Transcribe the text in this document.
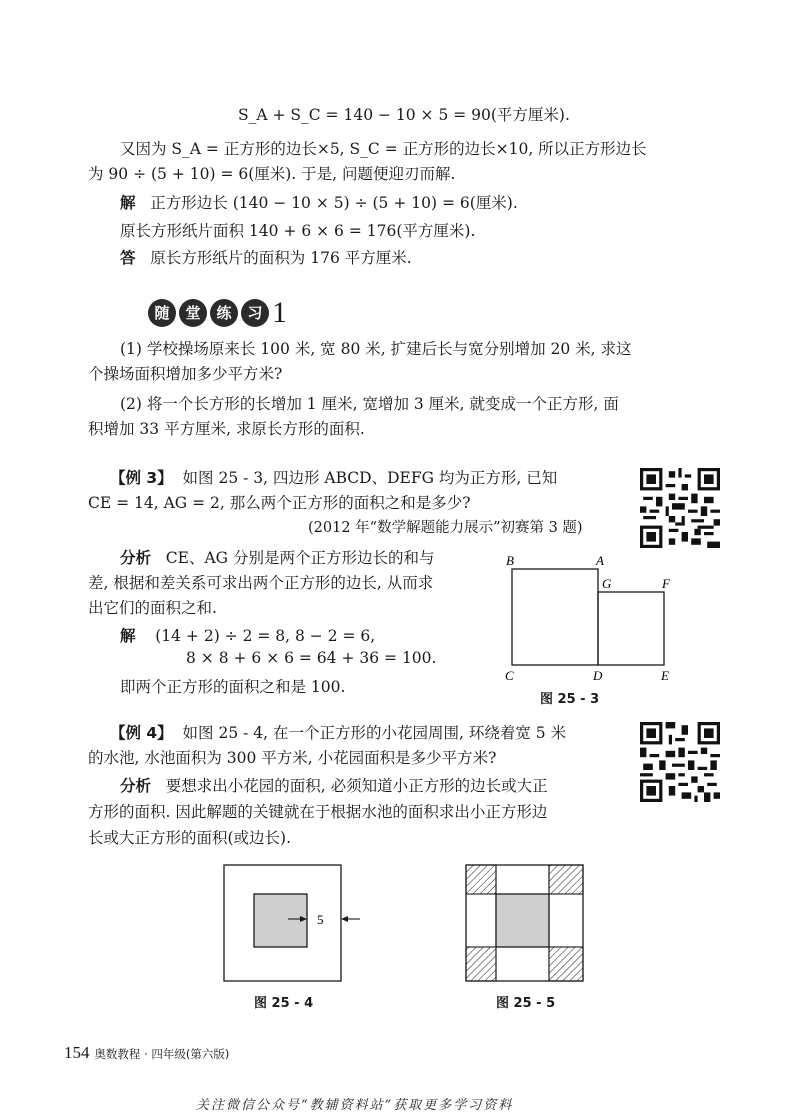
S_A + S_C = 140 − 10 × 5 = 90(平方厘米).
又因为 S_A = 正方形的边长×5, S_C = 正方形的边长×10, 所以正方形边长
为 90 ÷ (5 + 10) = 6(厘米). 于是, 问题便迎刃而解.
解 正方形边长 (140 − 10 × 5) ÷ (5 + 10) = 6(厘米).
原长方形纸片面积 140 + 6 × 6 = 176(平方厘米).
答 原长方形纸片的面积为 176 平方厘米.
随 堂 练 习 1
(1) 学校操场原来长 100 米, 宽 80 米, 扩建后长与宽分别增加 20 米, 求这
个操场面积增加多少平方米?
(2) 将一个长方形的长增加 1 厘米, 宽增加 3 厘米, 就变成一个正方形, 面
积增加 33 平方厘米, 求原长方形的面积.
【例 3】 如图 25 - 3, 四边形 ABCD、DEFG 均为正方形, 已知
CE = 14, AG = 2, 那么两个正方形的面积之和是多少?
(2012 年“数学解题能力展示”初赛第 3 题)
分析 CE、AG 分别是两个正方形边长的和与
差, 根据和差关系可求出两个正方形的边长, 从而求
出它们的面积之和.
解 (14 + 2) ÷ 2 = 8, 8 − 2 = 6,
8 × 8 + 6 × 6 = 64 + 36 = 100.
即两个正方形的面积之和是 100.
B	A
G	F
C	D	E
图 25 - 3
【例 4】 如图 25 - 4, 在一个正方形的小花园周围, 环绕着宽 5 米
的水池, 水池面积为 300 平方米, 小花园面积是多少平方米?
分析 要想求出小花园的面积, 必须知道小正方形的边长或大正
方形的面积. 因此解题的关键就在于根据水池的面积求出小正方形边
长或大正方形的面积(或边长).
5
图 25 - 4	图 25 - 5
154 奥数教程 · 四年级(第六版)
关注微信公众号“教辅资料站”获取更多学习资料
